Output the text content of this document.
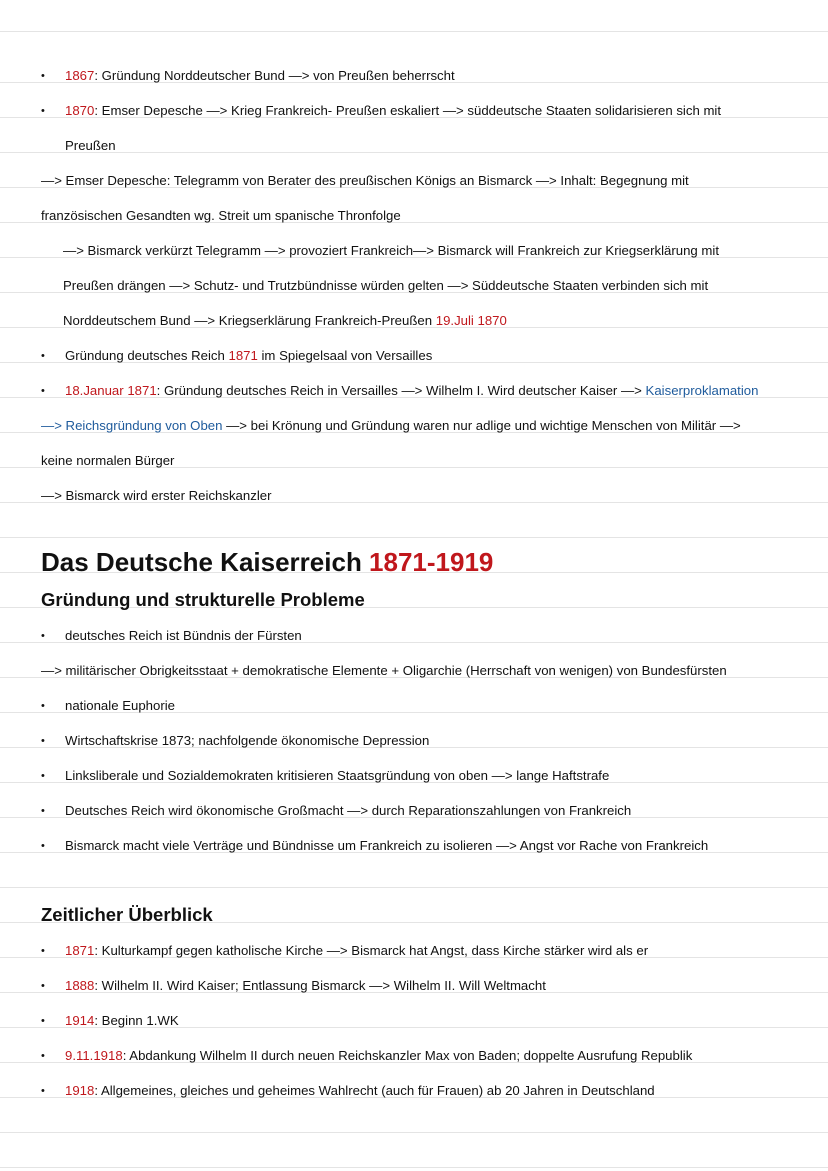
• 1867: Gründung Norddeutscher Bund —> von Preußen beherrscht
• 1870: Emser Depesche —> Krieg Frankreich- Preußen eskaliert —> süddeutsche Staaten solidarisieren sich mit
Preußen
—> Emser Depesche: Telegramm von Berater des preußischen Königs an Bismarck —> Inhalt: Begegnung mit
französischen Gesandten wg. Streit um spanische Thronfolge
—> Bismarck verkürzt Telegramm —> provoziert Frankreich—> Bismarck will Frankreich zur Kriegserklärung mit
Preußen drängen —> Schutz- und Trutzbündnisse würden gelten —> Süddeutsche Staaten verbinden sich mit
Norddeutschem Bund —> Kriegserklärung Frankreich-Preußen 19.Juli 1870
• Gründung deutsches Reich 1871 im Spiegelsaal von Versailles
• 18.Januar 1871: Gründung deutsches Reich in Versailles —> Wilhelm I. Wird deutscher Kaiser —> Kaiserproklamation
—> Reichsgründung von Oben —> bei Krönung und Gründung waren nur adlige und wichtige Menschen von Militär —>
keine normalen Bürger
—> Bismarck wird erster Reichskanzler
Das Deutsche Kaiserreich 1871-1919
Gründung und strukturelle Probleme
• deutsches Reich ist Bündnis der Fürsten
—> militärischer Obrigkeitsstaat + demokratische Elemente + Oligarchie (Herrschaft von wenigen) von Bundesfürsten
• nationale Euphorie
• Wirtschaftskrise 1873; nachfolgende ökonomische Depression
• Linksliberale und Sozialdemokraten kritisieren Staatsgründung von oben —> lange Haftstrafe
• Deutsches Reich wird ökonomische Großmacht —> durch Reparationszahlungen von Frankreich
• Bismarck macht viele Verträge und Bündnisse um Frankreich zu isolieren —> Angst vor Rache von Frankreich
Zeitlicher Überblick
• 1871: Kulturkampf gegen katholische Kirche —> Bismarck hat Angst, dass Kirche stärker wird als er
• 1888: Wilhelm II. Wird Kaiser; Entlassung Bismarck —> Wilhelm II. Will Weltmacht
• 1914: Beginn 1.WK
• 9.11.1918: Abdankung Wilhelm II durch neuen Reichskanzler Max von Baden; doppelte Ausrufung Republik
• 1918: Allgemeines, gleiches und geheimes Wahlrecht (auch für Frauen) ab 20 Jahren in Deutschland
